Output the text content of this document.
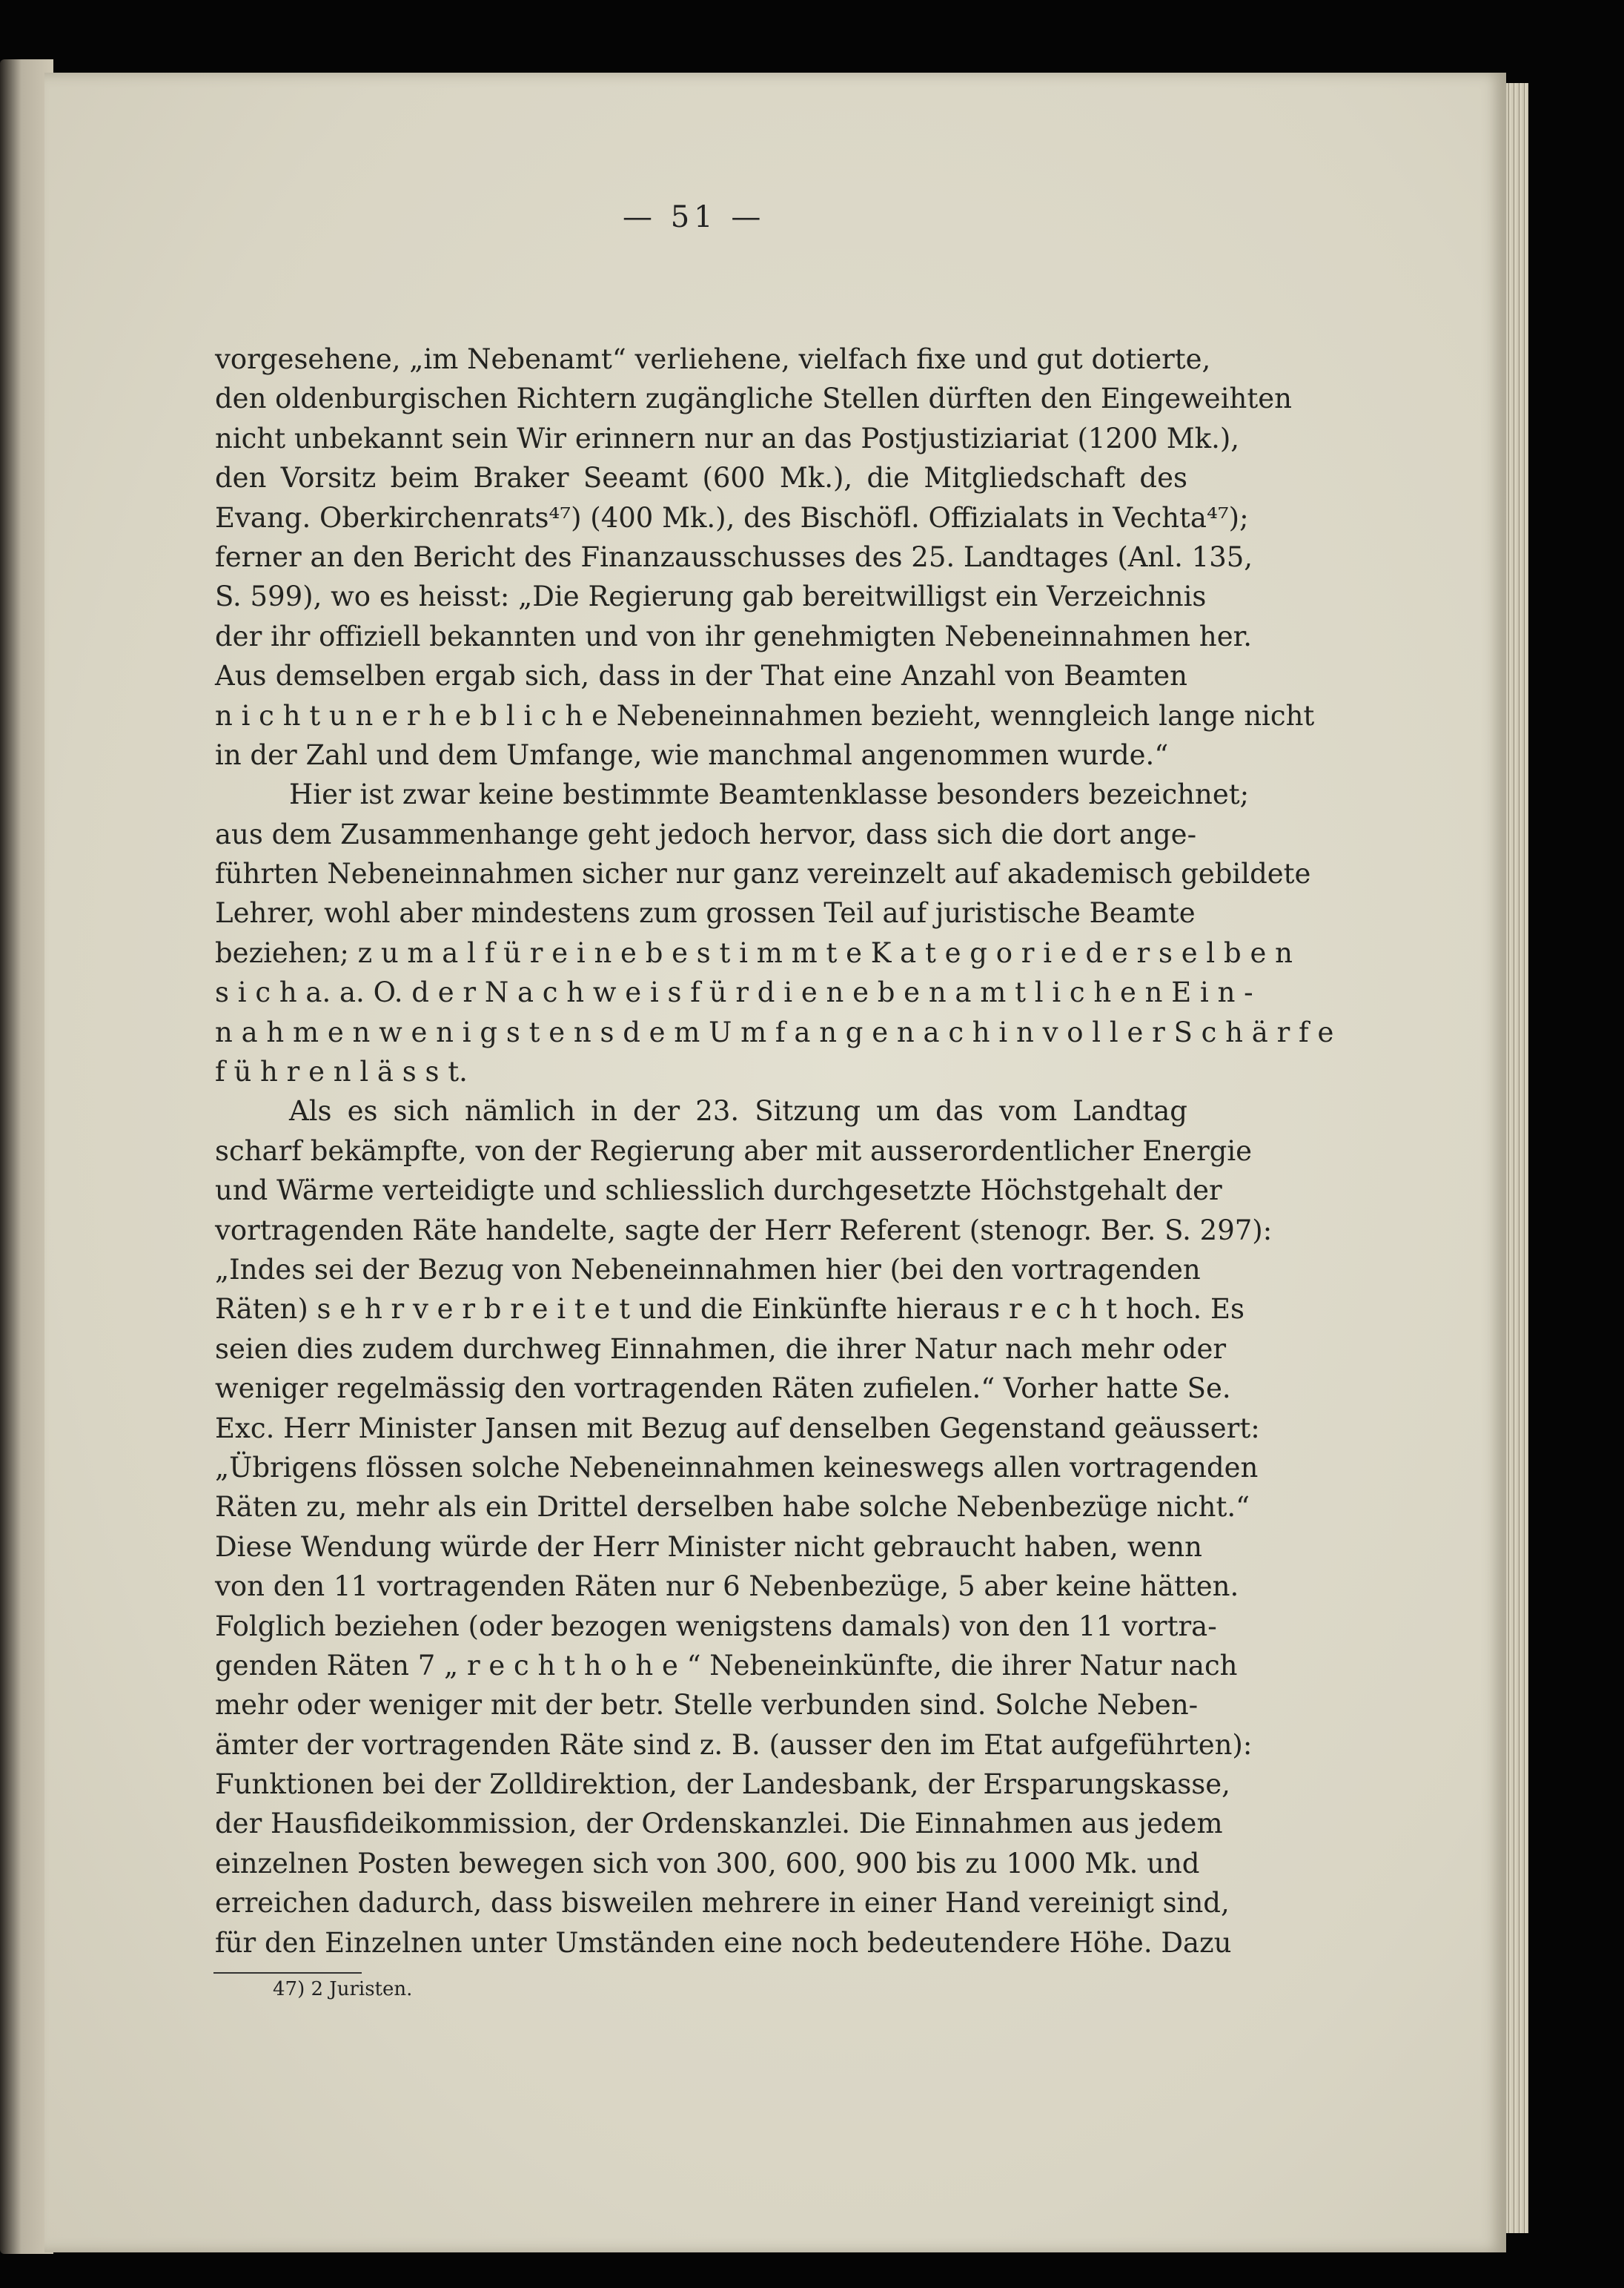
— 51 —
vorgesehene, „im Nebenamt“ verliehene, vielfach fixe und gut dotierte,
den oldenburgischen Richtern zugängliche Stellen dürften den Eingeweihten
nicht unbekannt sein Wir erinnern nur an das Postjustiziariat (1200 Mk.),
den Vorsitz beim Braker Seeamt (600 Mk.), die Mitgliedschaft des
Evang. Oberkirchenrats⁴⁷) (400 Mk.), des Bischöfl. Offizialats in Vechta⁴⁷);
ferner an den Bericht des Finanzausschusses des 25. Landtages (Anl. 135,
S. 599), wo es heisst: „Die Regierung gab bereitwilligst ein Verzeichnis
der ihr offiziell bekannten und von ihr genehmigten Nebeneinnahmen her.
Aus demselben ergab sich, dass in der That eine Anzahl von Beamten
n i c h t u n e r h e b l i c h e Nebeneinnahmen bezieht, wenngleich lange nicht
in der Zahl und dem Umfange, wie manchmal angenommen wurde.“
Hier ist zwar keine bestimmte Beamtenklasse besonders bezeichnet;
aus dem Zusammenhange geht jedoch hervor, dass sich die dort ange-
führten Nebeneinnahmen sicher nur ganz vereinzelt auf akademisch gebildete
Lehrer, wohl aber mindestens zum grossen Teil auf juristische Beamte
beziehen; z u m a l f ü r e i n e b e s t i m m t e K a t e g o r i e d e r s e l b e n
s i c h a. a. O. d e r N a c h w e i s f ü r d i e n e b e n a m t l i c h e n E i n -
n a h m e n w e n i g s t e n s d e m U m f a n g e n a c h i n v o l l e r S c h ä r f e
f ü h r e n l ä s s t.
Als es sich nämlich in der 23. Sitzung um das vom Landtag
scharf bekämpfte, von der Regierung aber mit ausserordentlicher Energie
und Wärme verteidigte und schliesslich durchgesetzte Höchstgehalt der
vortragenden Räte handelte, sagte der Herr Referent (stenogr. Ber. S. 297):
„Indes sei der Bezug von Nebeneinnahmen hier (bei den vortragenden
Räten) s e h r v e r b r e i t e t und die Einkünfte hieraus r e c h t hoch. Es
seien dies zudem durchweg Einnahmen, die ihrer Natur nach mehr oder
weniger regelmässig den vortragenden Räten zufielen.“ Vorher hatte Se.
Exc. Herr Minister Jansen mit Bezug auf denselben Gegenstand geäussert:
„Übrigens flössen solche Nebeneinnahmen keineswegs allen vortragenden
Räten zu, mehr als ein Drittel derselben habe solche Nebenbezüge nicht.“
Diese Wendung würde der Herr Minister nicht gebraucht haben, wenn
von den 11 vortragenden Räten nur 6 Nebenbezüge, 5 aber keine hätten.
Folglich beziehen (oder bezogen wenigstens damals) von den 11 vortra-
genden Räten 7 „ r e c h t h o h e “ Nebeneinkünfte, die ihrer Natur nach
mehr oder weniger mit der betr. Stelle verbunden sind. Solche Neben-
ämter der vortragenden Räte sind z. B. (ausser den im Etat aufgeführten):
Funktionen bei der Zolldirektion, der Landesbank, der Ersparungskasse,
der Hausfideikommission, der Ordenskanzlei. Die Einnahmen aus jedem
einzelnen Posten bewegen sich von 300, 600, 900 bis zu 1000 Mk. und
erreichen dadurch, dass bisweilen mehrere in einer Hand vereinigt sind,
für den Einzelnen unter Umständen eine noch bedeutendere Höhe. Dazu
47) 2 Juristen.
